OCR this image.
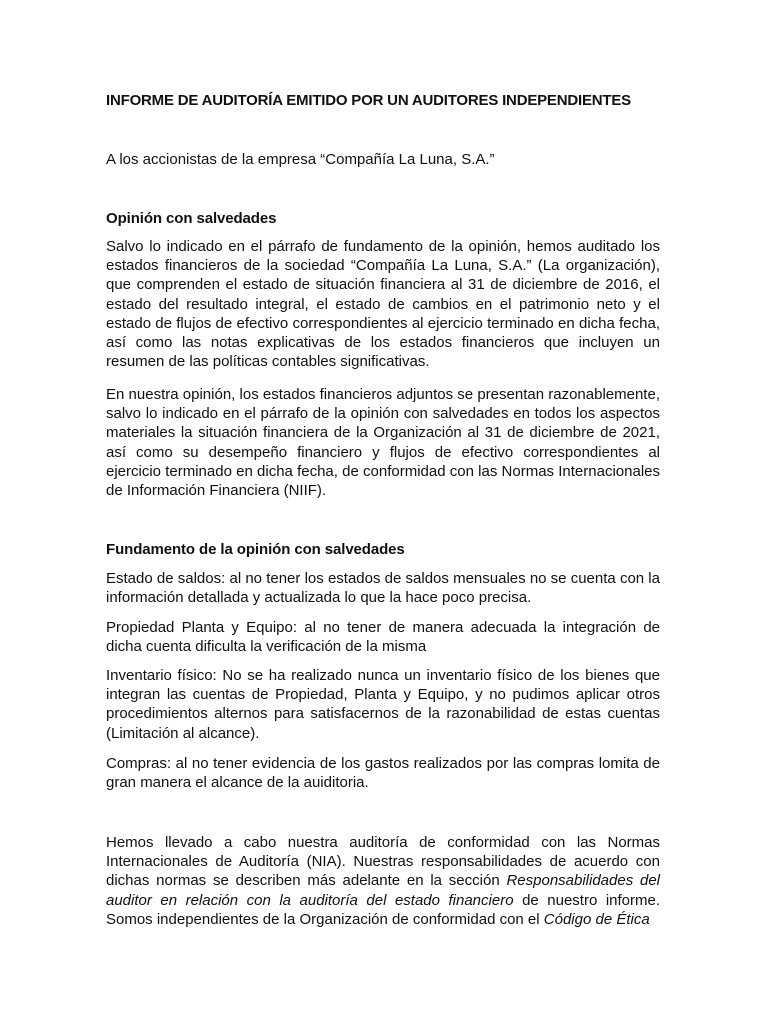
INFORME DE AUDITORÍA EMITIDO POR UN AUDITORES INDEPENDIENTES
A los accionistas de la empresa “Compañía La Luna, S.A.”
Opinión con salvedades

Salvo lo indicado en el párrafo de fundamento de la opinión, hemos auditado los estados financieros de la sociedad “Compañía La Luna, S.A.” (La organización), que comprenden el estado de situación financiera al 31 de diciembre de 2016, el estado del resultado integral, el estado de cambios en el patrimonio neto y el estado de flujos de efectivo correspondientes al ejercicio terminado en dicha fecha, así como las notas explicativas de los estados financieros que incluyen un resumen de las políticas contables significativas.

En nuestra opinión, los estados financieros adjuntos se presentan razonablemente, salvo lo indicado en el párrafo de la opinión con salvedades en todos los aspectos materiales la situación financiera de la Organización al 31 de diciembre de 2021, así como su desempeño financiero y flujos de efectivo correspondientes al ejercicio terminado en dicha fecha, de conformidad con las Normas Internacionales de Información Financiera (NIIF).

Fundamento de la opinión con salvedades

Estado de saldos: al no tener los estados de saldos mensuales no se cuenta con la información detallada y actualizada lo que la hace poco precisa.

Propiedad Planta y Equipo: al no tener de manera adecuada la integración de dicha cuenta dificulta la verificación de la misma

Inventario físico: No se ha realizado nunca un inventario físico de los bienes que integran las cuentas de Propiedad, Planta y Equipo, y no pudimos aplicar otros procedimientos alternos para satisfacernos de la razonabilidad de estas cuentas (Limitación al alcance).

Compras: al no tener evidencia de los gastos realizados por las compras lomita de gran manera el alcance de la auiditoria.

Hemos llevado a cabo nuestra auditoría de conformidad con las Normas Internacionales de Auditoría (NIA). Nuestras responsabilidades de acuerdo con dichas normas se describen más adelante en la sección Responsabilidades del auditor en relación con la auditoría del estado financiero de nuestro informe. Somos independientes de la Organización de conformidad con el Código de Ética
